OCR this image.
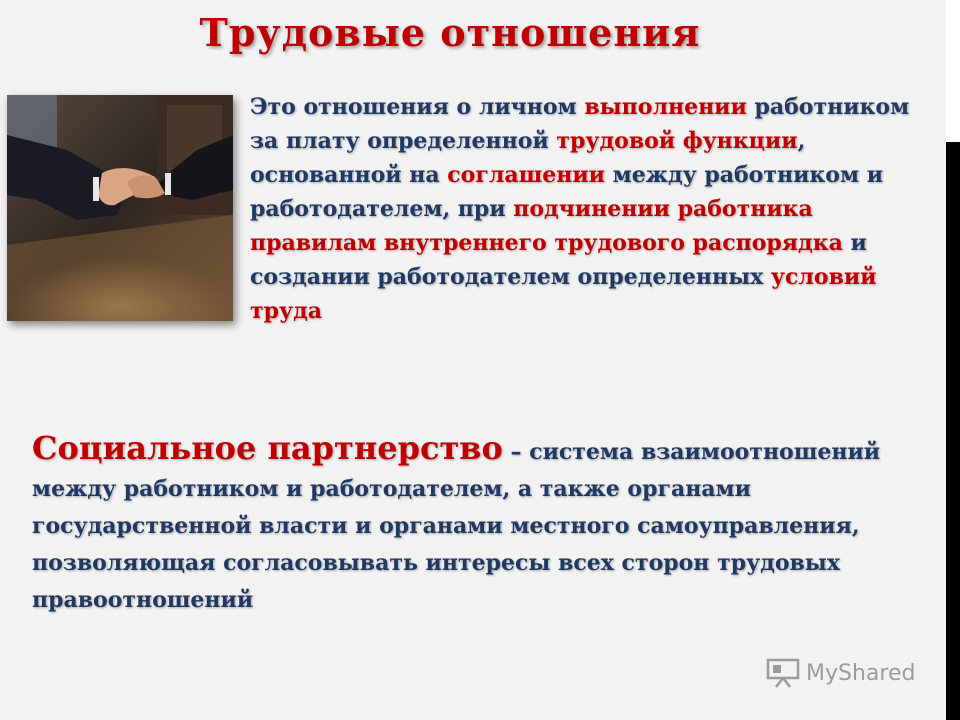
Трудовые отношения
Это отношения о личном выполнении работником за плату определенной трудовой функции, основанной на соглашении между работником и работодателем, при подчинении работника правилам внутреннего трудового распорядка и создании работодателем определенных условий труда
Социальное партнерство – система взаимоотношений между работником и работодателем, а также органами государственной власти и органами местного самоуправления, позволяющая согласовывать интересы всех сторон трудовых правоотношений
MyShared
